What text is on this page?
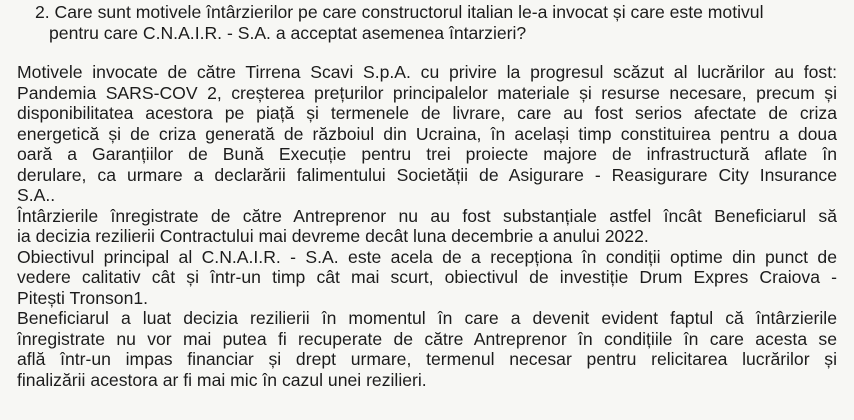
2. Care sunt motivele întârzierilor pe care constructorul italian le-a invocat și care este motivul
pentru care C.N.A.I.R. - S.A. a acceptat asemenea întarzieri?
Motivele invocate de către Tirrena Scavi S.p.A. cu privire la progresul scăzut al lucrărilor au fost:
Pandemia SARS-COV 2, creșterea prețurilor principalelor materiale și resurse necesare, precum și
disponibilitatea acestora pe piață și termenele de livrare, care au fost serios afectate de criza
energetică și de criza generată de războiul din Ucraina, în același timp constituirea pentru a doua
oară a Garanțiilor de Bună Execuție pentru trei proiecte majore de infrastructură aflate în
derulare, ca urmare a declarării falimentului Societății de Asigurare - Reasigurare City Insurance
S.A..
Întârzierile înregistrate de către Antreprenor nu au fost substanțiale astfel încât Beneficiarul să
ia decizia rezilierii Contractului mai devreme decât luna decembrie a anului 2022.
Obiectivul principal al C.N.A.I.R. - S.A. este acela de a recepționa în condiții optime din punct de
vedere calitativ cât și într-un timp cât mai scurt, obiectivul de investiție Drum Expres Craiova -
Pitești Tronson1.
Beneficiarul a luat decizia rezilierii în momentul în care a devenit evident faptul că întârzierile
înregistrate nu vor mai putea fi recuperate de către Antreprenor în condițiile în care acesta se
află într-un impas financiar și drept urmare, termenul necesar pentru relicitarea lucrărilor și
finalizării acestora ar fi mai mic în cazul unei rezilieri.
